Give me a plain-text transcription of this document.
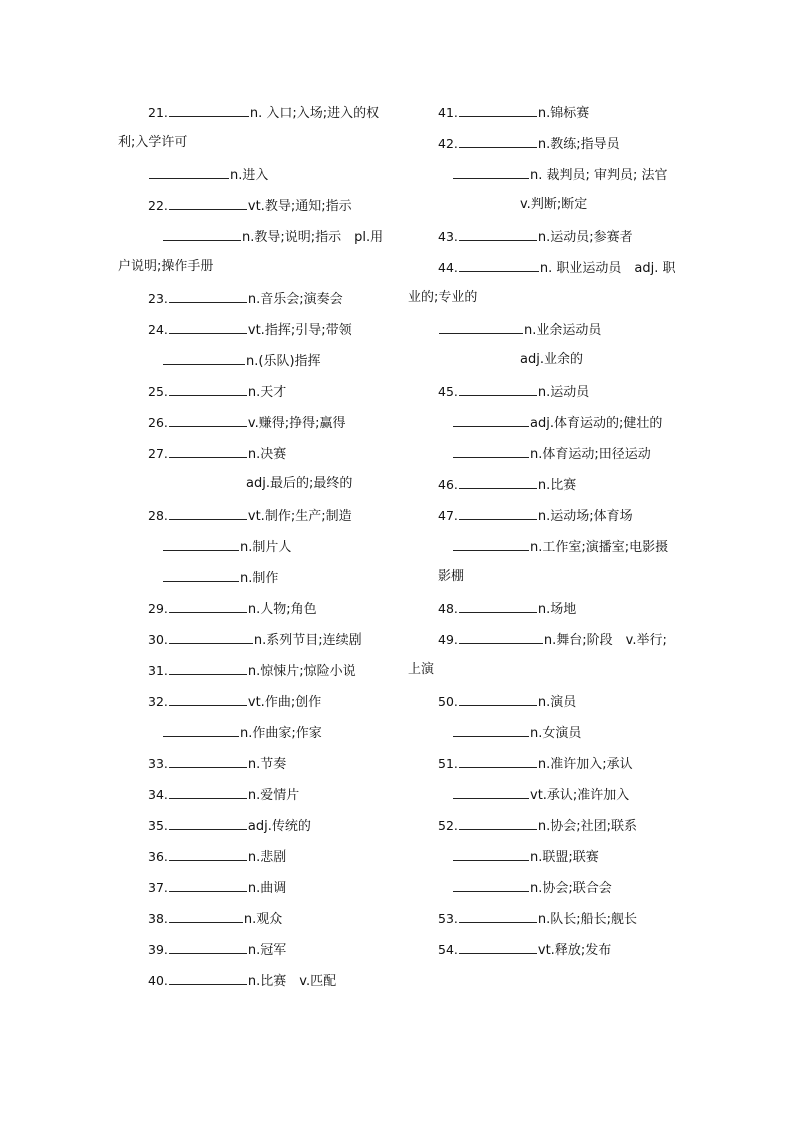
21.	n. 入口;入场;进入的权
利;入学许可
n.进入
22.	vt.教导;通知;指示
n.教导;说明;指示　pl.用
户说明;操作手册
23.	n.音乐会;演奏会
24.	vt.指挥;引导;带领
n.(乐队)指挥
25.	n.天才
26.	v.赚得;挣得;赢得
27.	n.决赛
adj.最后的;最终的
28.	vt.制作;生产;制造
n.制片人
n.制作
29.	n.人物;角色
30.	n.系列节目;连续剧
31.	n.惊悚片;惊险小说
32.	vt.作曲;创作
n.作曲家;作家
33.	n.节奏
34.	n.爱情片
35.	adj.传统的
36.	n.悲剧
37.	n.曲调
38.	n.观众
39.	n.冠军
40.	n.比赛　v.匹配
41.	n.锦标赛
42.	n.教练;指导员
n. 裁判员; 审判员; 法官
v.判断;断定
43.	n.运动员;参赛者
44.	n. 职业运动员　adj. 职
业的;专业的
n.业余运动员
adj.业余的
45.	n.运动员
adj.体育运动的;健壮的
n.体育运动;田径运动
46.	n.比赛
47.	n.运动场;体育场
n.工作室;演播室;电影摄
影棚
48.	n.场地
49.	n.舞台;阶段　v.举行;
上演
50.	n.演员
n.女演员
51.	n.准许加入;承认
vt.承认;准许加入
52.	n.协会;社团;联系
n.联盟;联赛
n.协会;联合会
53.	n.队长;船长;舰长
54.	vt.释放;发布
